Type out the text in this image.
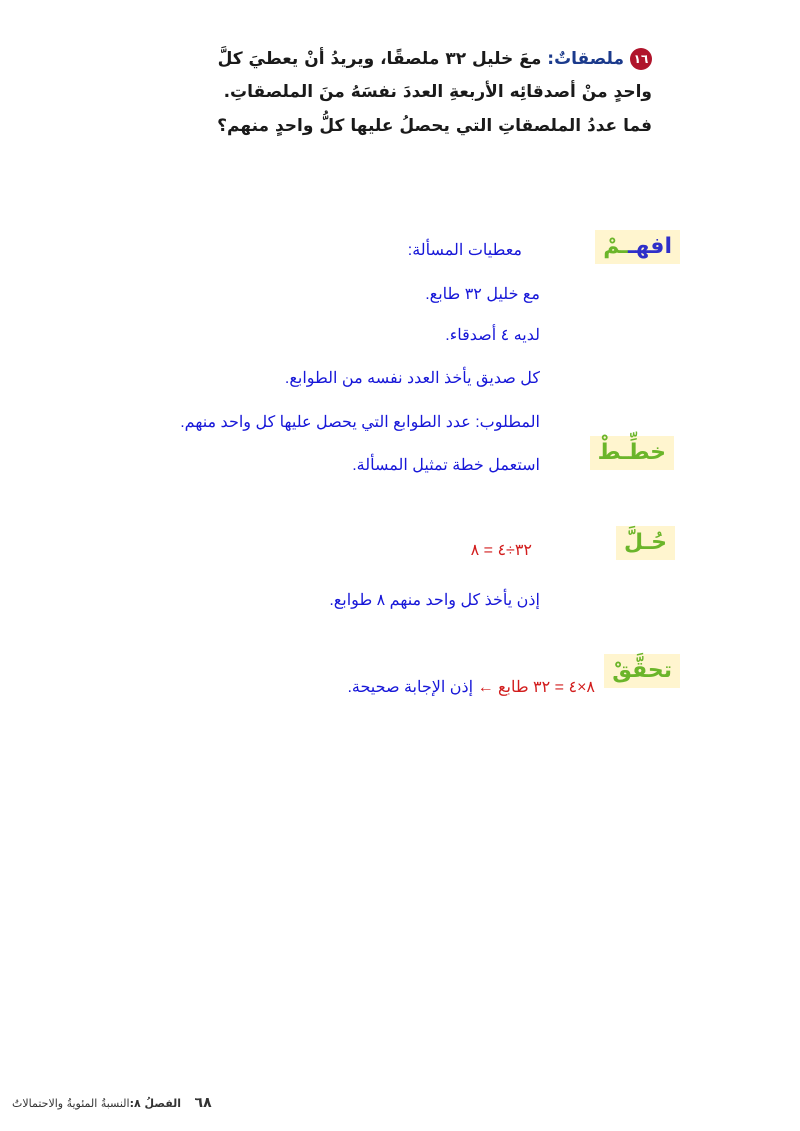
١٦ملصقاتٌ: معَ خليل ٣٢ ملصقًا، ويريدُ أنْ يعطيَ كلَّ
واحدٍ منْ أصدقائِه الأربعةِ العددَ نفسَهُ منَ الملصقاتِ.
فما عددُ الملصقاتِ التي يحصلُ عليها كلُّ واحدٍ منهم؟
افهــمْ
معطيات المسألة:
مع خليل ٣٢ طابع.
لديه ٤ أصدقاء.
كل صديق يأخذ العدد نفسه من الطوابع.
المطلوب: عدد الطوابع التي يحصل عليها كل واحد منهم.
خطِّـطْ
استعمل خطة تمثيل المسألة.
حُـلَّ
٣٢÷٤ = ٨
إذن يأخذ كل واحد منهم ٨ طوابع.
تحقَّقْ
٨×٤ = ٣٢ طابع ← إذن الإجابة صحيحة.
٦٨ الفصلُ ٨:النسبةُ المئويةُ والاحتمالاتُ
